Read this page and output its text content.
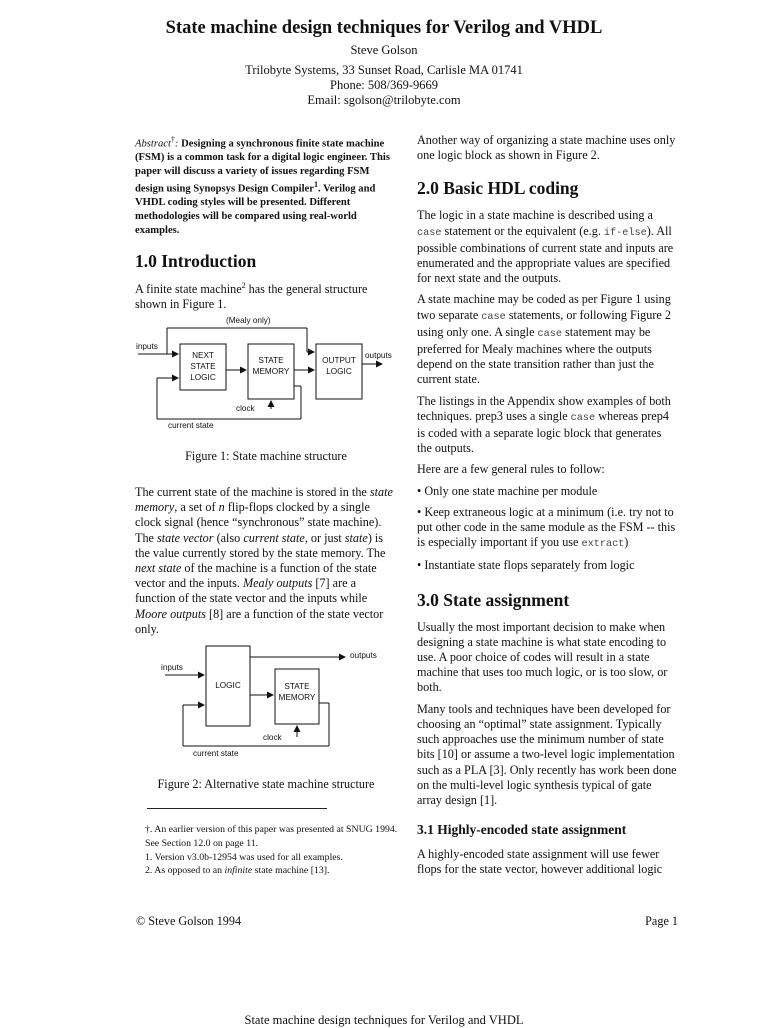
State machine design techniques for Verilog and VHDL
Steve Golson
Trilobyte Systems, 33 Sunset Road, Carlisle MA 01741
Phone: 508/369-9669
Email: sgolson@trilobyte.com

Abstract†: Designing a synchronous finite state machine (FSM) is a common task for a digital logic engineer. This paper will discuss a variety of issues regarding FSM design using Synopsys Design Compiler$^1$. Verilog and VHDL coding styles will be presented. Different methodologies will be compared using real-world examples.

1.0 Introduction

A finite state machine$^2$ has the general structure shown in Figure 1.

(Mealy only)
inputs
NEXT
STATE
LOGIC
STATE
MEMORY
OUTPUT
LOGIC
outputs
clock
current state
Figure 1: State machine structure

The current state of the machine is stored in the state memory, a set of n flip-flops clocked by a single clock signal (hence “synchronous” state machine). The state vector (also current state, or just state) is the value currently stored by the state memory. The next state of the machine is a function of the state vector and the inputs. Mealy outputs [7] are a function of the state vector and the inputs while Moore outputs [8] are a function of the state vector only.

outputs
inputs
LOGIC	STATE
MEMORY
clock
current state
Figure 2: Alternative state machine structure

†. An earlier version of this paper was presented at SNUG 1994. See Section 12.0 on page 11.

1. Version v3.0b-12954 was used for all examples.

2. As opposed to an infinite state machine [13].

Another way of organizing a state machine uses only one logic block as shown in Figure 2.

2.0 Basic HDL coding

The logic in a state machine is described using a case statement or the equivalent (e.g. if-else). All possible combinations of current state and inputs are enumerated and the appropriate values are specified for next state and the outputs.

A state machine may be coded as per Figure 1 using two separate case statements, or following Figure 2 using only one. A single case statement may be preferred for Mealy machines where the outputs depend on the state transition rather than just the current state.

The listings in the Appendix show examples of both techniques. prep3 uses a single case whereas prep4 is coded with a separate logic block that generates the outputs.

Here are a few general rules to follow:

• Only one state machine per module

• Keep extraneous logic at a minimum (i.e. try not to put other code in the same module as the FSM -- this is especially important if you use extract)

• Instantiate state flops separately from logic

3.0 State assignment

Usually the most important decision to make when designing a state machine is what state encoding to use. A poor choice of codes will result in a state machine that uses too much logic, or is too slow, or both.

Many tools and techniques have been developed for choosing an “optimal” state assignment. Typically such approaches use the minimum number of state bits [10] or assume a two-level logic implementation such as a PLA [3]. Only recently has work been done on the multi-level logic synthesis typical of gate array design [1].

3.1 Highly-encoded state assignment

A highly-encoded state assignment will use fewer flops for the state vector, however additional logic

© Steve Golson 1994	Page 1
State machine design techniques for Verilog and VHDL
